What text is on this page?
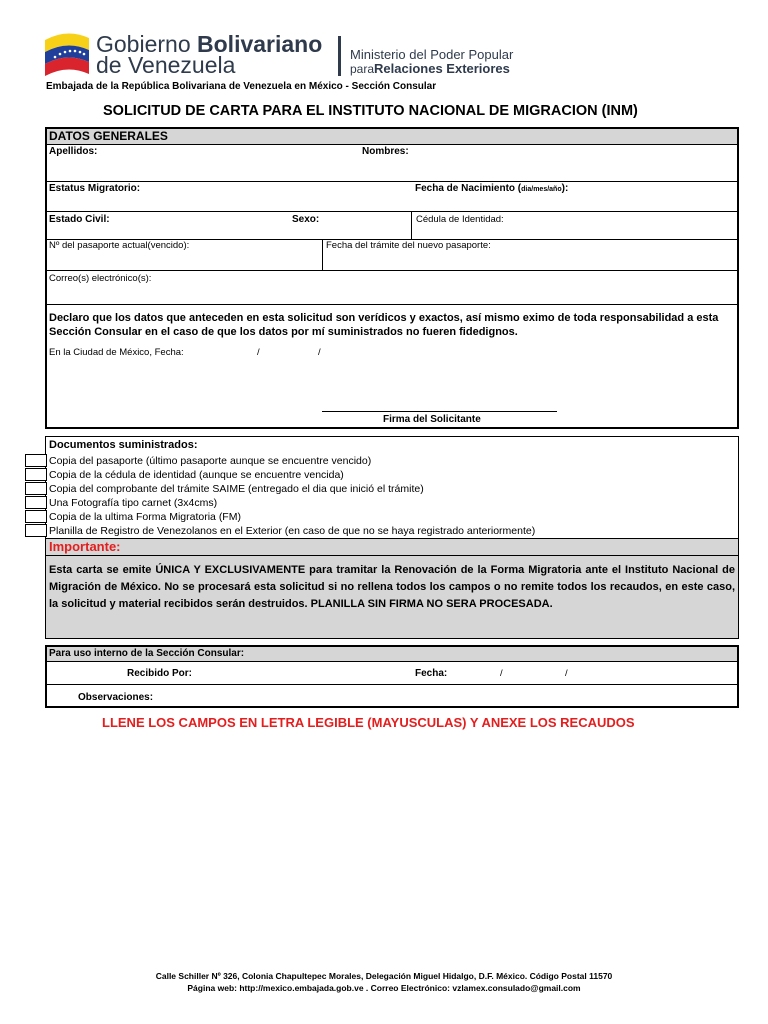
Gobierno Bolivariano
de Venezuela	Ministerio del Poder Popular
paraRelaciones Exteriores
Embajada de la República Bolivariana de Venezuela en México - Sección Consular
SOLICITUD DE CARTA PARA EL INSTITUTO NACIONAL DE MIGRACION (INM)
DATOS GENERALES
Apellidos:	Nombres:
Estatus Migratorio:	Fecha de Nacimiento (dia/mes/año):
Estado Civil:	Sexo:	Cédula de Identidad:
Nº del pasaporte actual(vencido):	Fecha del trámite del nuevo pasaporte:
Correo(s) electrónico(s):
Declaro que los datos que anteceden en esta solicitud son verídicos y exactos, así mismo eximo de toda responsabilidad a esta Sección Consular en el caso de que los datos por mí suministrados no fueren fidedignos.
En la Ciudad de México, Fecha:	/	/
Firma del Solicitante
Documentos suministrados:
Copia del pasaporte (último pasaporte aunque se encuentre vencido)
Copia de la cédula de identidad (aunque se encuentre vencida)
Copia del comprobante del trámite SAIME (entregado el dia que inició el trámite)
Una Fotografía tipo carnet (3x4cms)
Copia de la ultima Forma Migratoria (FM)
Planilla de Registro de Venezolanos en el Exterior (en caso de que no se haya registrado anteriormente)
Importante:
Esta carta se emite ÚNICA Y EXCLUSIVAMENTE para tramitar la Renovación de la Forma Migratoria ante el Instituto Nacional de Migración de México. No se procesará esta solicitud si no rellena todos los campos o no remite todos los recaudos, en este caso, la solicitud y material recibidos serán destruidos. PLANILLA SIN FIRMA NO SERA PROCESADA.
Para uso interno de la Sección Consular:
Recibido Por:	Fecha:	/	/
Observaciones:
LLENE LOS CAMPOS EN LETRA LEGIBLE (MAYUSCULAS) Y ANEXE LOS RECAUDOS
Calle Schiller Nº 326, Colonia Chapultepec Morales, Delegación Miguel Hidalgo, D.F. México. Código Postal 11570
Página web: http://mexico.embajada.gob.ve . Correo Electrónico: vzlamex.consulado@gmail.com
